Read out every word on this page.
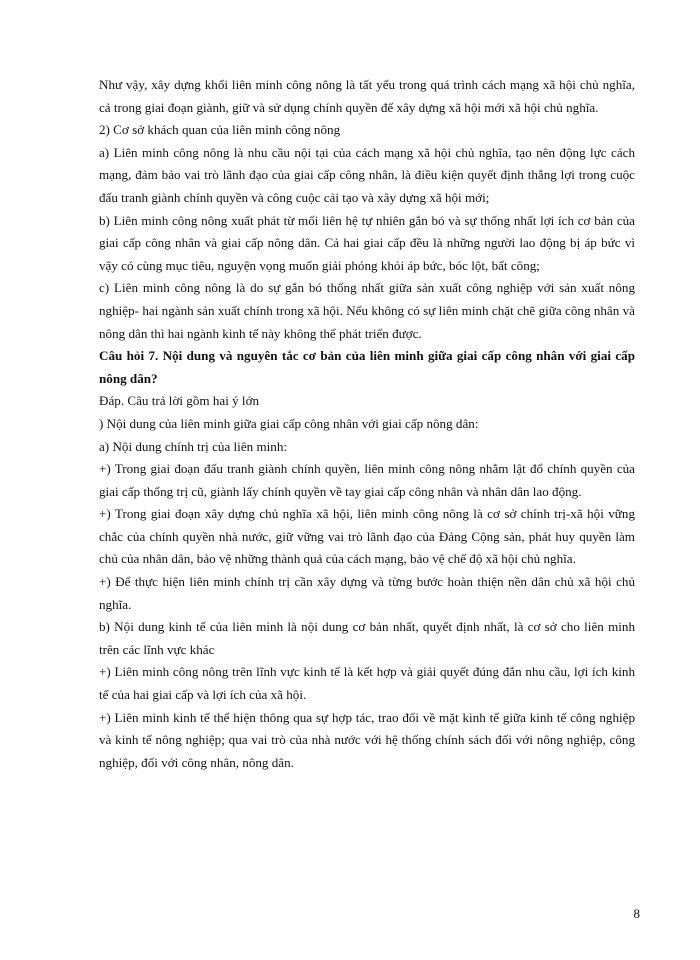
Như vậy, xây dựng khối liên minh công nông là tất yếu trong quá trình cách mạng xã hội chủ nghĩa, cả trong giai đoạn giành, giữ và sử dụng chính quyền để xây dựng xã hội mới xã hội chủ nghĩa.

2) Cơ sở khách quan của liên minh công nông

a) Liên minh công nông là nhu cầu nội tại của cách mạng xã hội chủ nghĩa, tạo nên động lực cách mạng, đảm bảo vai trò lãnh đạo của giai cấp công nhân, là điều kiện quyết định thắng lợi trong cuộc đấu tranh giành chính quyền và công cuộc cải tạo và xây dựng xã hội mới;

b) Liên minh công nông xuất phát từ mối liên hệ tự nhiên gắn bó và sự thống nhất lợi ích cơ bản của giai cấp công nhân và giai cấp nông dân. Cả hai giai cấp đều là những người lao động bị áp bức vì vậy có cùng mục tiêu, nguyện vọng muốn giải phóng khỏi áp bức, bóc lột, bất công;

c) Liên minh công nông là do sự gắn bó thống nhất giữa sản xuất công nghiệp với sản xuất nông nghiệp- hai ngành sản xuất chính trong xã hội. Nếu không có sự liên minh chặt chẽ giữa công nhân và nông dân thì hai ngành kinh tế này không thể phát triển được.

Câu hỏi 7. Nội dung và nguyên tắc cơ bản của liên minh giữa giai cấp công nhân với giai cấp nông dân?

Đáp. Câu trả lời gồm hai ý lớn

) Nội dung của liên minh giữa giai cấp công nhân với giai cấp nông dân:

a) Nội dung chính trị của liên minh:

+) Trong giai đoạn đấu tranh giành chính quyền, liên minh công nông nhằm lật đổ chính quyền của giai cấp thống trị cũ, giành lấy chính quyền về tay giai cấp công nhân và nhân dân lao động.

+) Trong giai đoạn xây dựng chủ nghĩa xã hội, liên minh công nông là cơ sở chính trị-xã hội vững chắc của chính quyền nhà nước, giữ vững vai trò lãnh đạo của Đảng Cộng sản, phát huy quyền làm chủ của nhân dân, bảo vệ những thành quả của cách mạng, bảo vệ chế độ xã hội chủ nghĩa.

+) Để thực hiện liên minh chính trị cần xây dựng và từng bước hoàn thiện nền dân chủ xã hội chủ nghĩa.

b) Nội dung kinh tế của liên minh là nội dung cơ bản nhất, quyết định nhất, là cơ sở cho liên minh trên các lĩnh vực khác

+) Liên minh công nông trên lĩnh vực kinh tế là kết hợp và giải quyết đúng đắn nhu cầu, lợi ích kinh tế của hai giai cấp và lợi ích của xã hội.

+) Liên minh kinh tế thể hiện thông qua sự hợp tác, trao đổi về mặt kinh tế giữa kinh tế công nghiệp và kinh tế nông nghiệp; qua vai trò của nhà nước với hệ thống chính sách đối với nông nghiệp, công nghiệp, đối với công nhân, nông dân.

8
